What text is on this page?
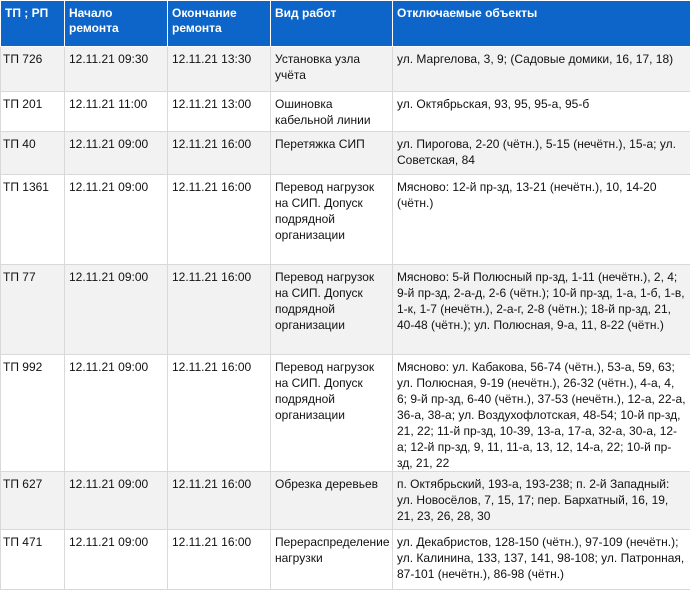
ТП ; РП	Начало ремонта	Окончание ремонта	Вид работ	Отключаемые объекты
ТП 726	12.11.21 09:30	12.11.21 13:30	Установка узла учёта	ул. Маргелова, 3, 9; (Садовые домики, 16, 17, 18)
ТП 201	12.11.21 11:00	12.11.21 13:00	Ошиновка кабельной линии	ул. Октябрьская, 93, 95, 95-а, 95-б
ТП 40	12.11.21 09:00	12.11.21 16:00	Перетяжка СИП	ул. Пирогова, 2-20 (чётн.), 5-15 (нечётн.), 15-а; ул. Советская, 84
ТП 1361	12.11.21 09:00	12.11.21 16:00	Перевод нагрузок на СИП. Допуск подрядной организации	Мясново: 12-й пр-зд, 13-21 (нечётн.), 10, 14-20 (чётн.)
ТП 77	12.11.21 09:00	12.11.21 16:00	Перевод нагрузок на СИП. Допуск подрядной организации	Мясново: 5-й Полюсный пр-зд, 1-11 (нечётн.), 2, 4; 9-й пр-зд, 2-а-д, 2-6 (чётн.); 10-й пр-зд, 1-а, 1-б, 1-в, 1-к, 1-7 (нечётн.), 2-а-г, 2-8 (чётн.); 18-й пр-зд, 21, 40-48 (чётн.); ул. Полюсная, 9-а, 11, 8-22 (чётн.)
ТП 992	12.11.21 09:00	12.11.21 16:00	Перевод нагрузок на СИП. Допуск подрядной организации	Мясново: ул. Кабакова, 56-74 (чётн.), 53-а, 59, 63; ул. Полюсная, 9-19 (нечётн.), 26-32 (чётн.), 4-а, 4, 6; 9-й пр-зд, 6-40 (чётн.), 37-53 (нечётн.), 12-а, 22-а, 36-а, 38-а; ул. Воздухофлотская, 48-54; 10-й пр-зд, 21, 22; 11-й пр-зд, 10-39, 13-а, 17-а, 32-а, 30-а, 12-а; 12-й пр-зд, 9, 11, 11-а, 13, 12, 14-а, 22; 10-й пр-зд, 21, 22
ТП 627	12.11.21 09:00	12.11.21 16:00	Обрезка деревьев	п. Октябрьский, 193-а, 193-238; п. 2-й Западный: ул. Новосёлов, 7, 15, 17; пер. Бархатный, 16, 19, 21, 23, 26, 28, 30
ТП 471	12.11.21 09:00	12.11.21 16:00	Перераспределение нагрузки	ул. Декабристов, 128-150 (чётн.), 97-109 (нечётн.); ул. Калинина, 133, 137, 141, 98-108; ул. Патронная, 87-101 (нечётн.), 86-98 (чётн.)
